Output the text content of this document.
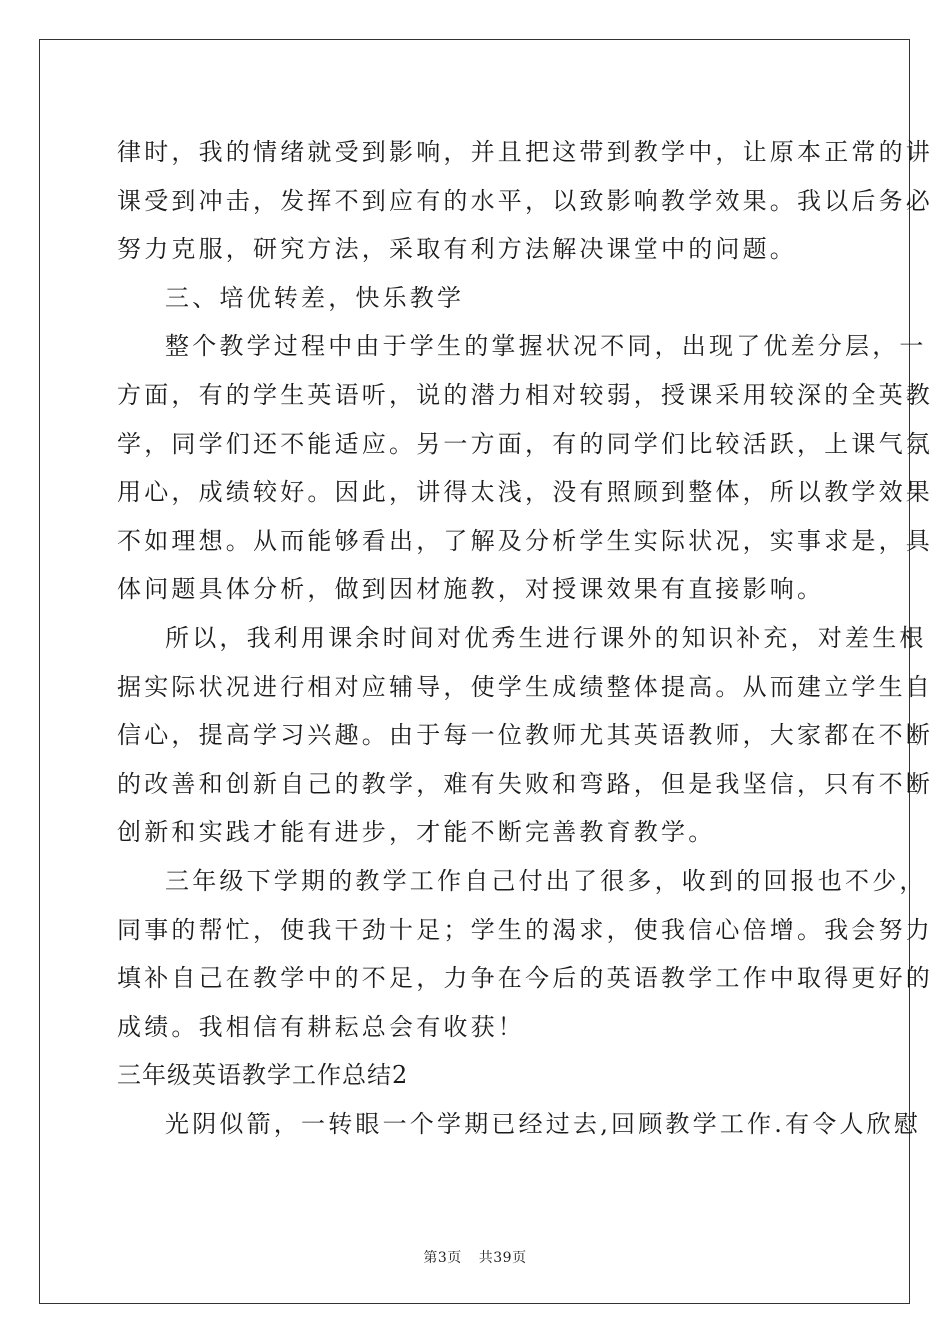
律时，我的情绪就受到影响，并且把这带到教学中，让原本正常的讲
课受到冲击，发挥不到应有的水平，以致影响教学效果。我以后务必
努力克服，研究方法，采取有利方法解决课堂中的问题。
三、培优转差，快乐教学
整个教学过程中由于学生的掌握状况不同，出现了优差分层，一
方面，有的学生英语听，说的潜力相对较弱，授课采用较深的全英教
学，同学们还不能适应。另一方面，有的同学们比较活跃，上课气氛
用心，成绩较好。因此，讲得太浅，没有照顾到整体，所以教学效果
不如理想。从而能够看出，了解及分析学生实际状况，实事求是，具
体问题具体分析，做到因材施教，对授课效果有直接影响。
所以，我利用课余时间对优秀生进行课外的知识补充，对差生根
据实际状况进行相对应辅导，使学生成绩整体提高。从而建立学生自
信心，提高学习兴趣。由于每一位教师尤其英语教师，大家都在不断
的改善和创新自己的教学，难有失败和弯路，但是我坚信，只有不断
创新和实践才能有进步，才能不断完善教育教学。
三年级下学期的教学工作自己付出了很多，收到的回报也不少，
同事的帮忙，使我干劲十足；学生的渴求，使我信心倍增。我会努力
填补自己在教学中的不足，力争在今后的英语教学工作中取得更好的
成绩。我相信有耕耘总会有收获！
三年级英语教学工作总结2
光阴似箭，一转眼一个学期已经过去,回顾教学工作.有令人欣慰
第3页 共39页
